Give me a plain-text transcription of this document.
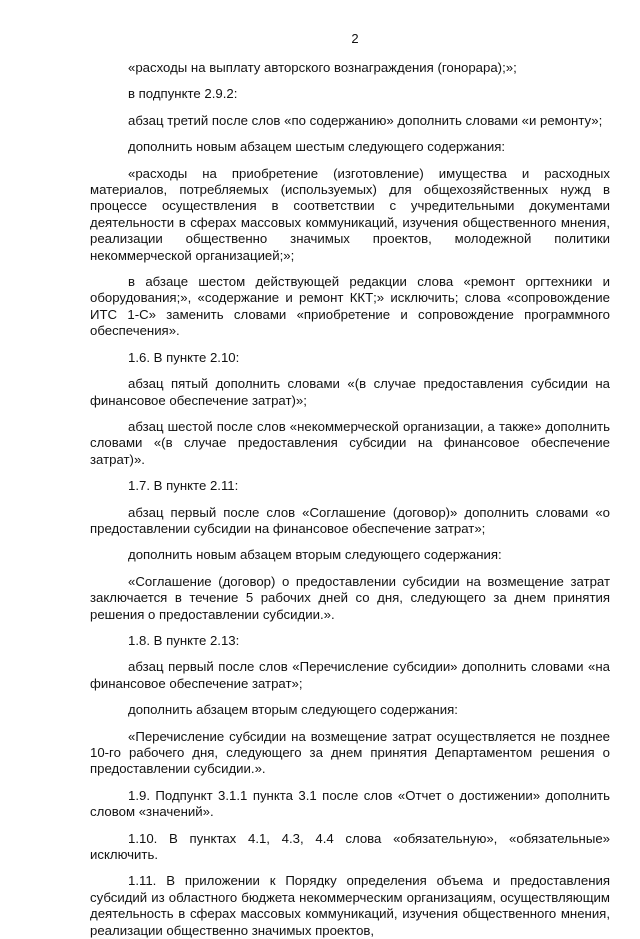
2

«расходы на выплату авторского вознаграждения (гонорара);»;

в подпункте 2.9.2:

абзац третий после слов «по содержанию» дополнить словами «и ремонту»;

дополнить новым абзацем шестым следующего содержания:

«расходы на приобретение (изготовление) имущества и расходных материалов, потребляемых (используемых) для общехозяйственных нужд в процессе осуществления в соответствии с учредительными документами деятельности в сферах массовых коммуникаций, изучения общественного мнения, реализации общественно значимых проектов, молодежной политики некоммерческой организацией;»;

в абзаце шестом действующей редакции слова «ремонт оргтехники и оборудования;», «содержание и ремонт ККТ;» исключить; слова «сопровождение ИТС 1-С» заменить словами «приобретение и сопровождение программного обеспечения».

1.6. В пункте 2.10:

абзац пятый дополнить словами «(в случае предоставления субсидии на финансовое обеспечение затрат)»;

абзац шестой после слов «некоммерческой организации, а также» дополнить словами «(в случае предоставления субсидии на финансовое обеспечение затрат)».

1.7. В пункте 2.11:

абзац первый после слов «Соглашение (договор)» дополнить словами «о предоставлении субсидии на финансовое обеспечение затрат»;

дополнить новым абзацем вторым следующего содержания:

«Соглашение (договор) о предоставлении субсидии на возмещение затрат заключается в течение 5 рабочих дней со дня, следующего за днем принятия решения о предоставлении субсидии.».

1.8. В пункте 2.13:

абзац первый после слов «Перечисление субсидии» дополнить словами «на финансовое обеспечение затрат»;

дополнить абзацем вторым следующего содержания:

«Перечисление субсидии на возмещение затрат осуществляется не позднее 10-го рабочего дня, следующего за днем принятия Департаментом решения о предоставлении субсидии.».

1.9. Подпункт 3.1.1 пункта 3.1 после слов «Отчет о достижении» дополнить словом «значений».

1.10. В пунктах 4.1, 4.3, 4.4 слова «обязательную», «обязательные» исключить.

1.11. В приложении к Порядку определения объема и предоставления субсидий из областного бюджета некоммерческим организациям, осуществляющим деятельность в сферах массовых коммуникаций, изучения общественного мнения, реализации общественно значимых проектов,
